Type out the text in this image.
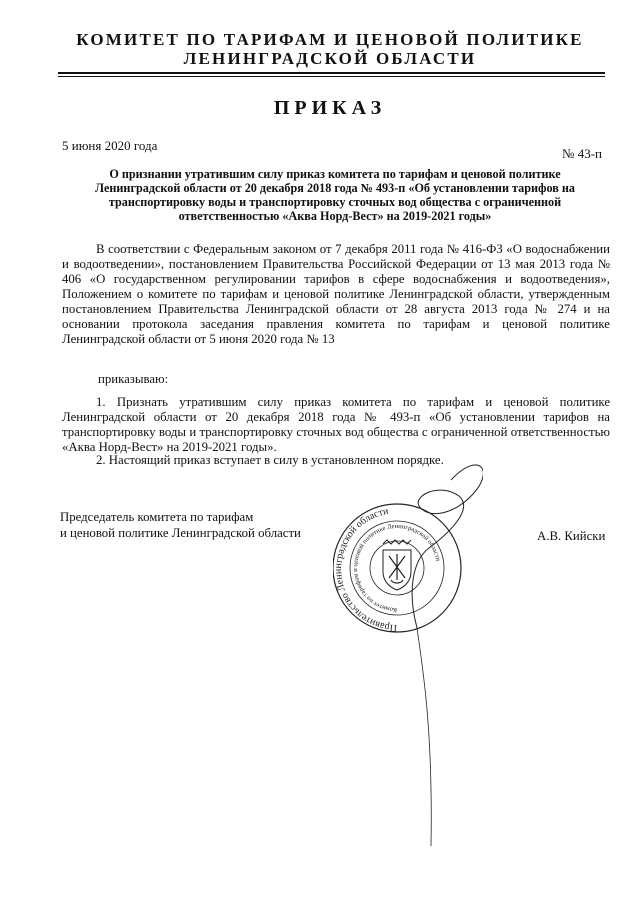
КОМИТЕТ ПО ТАРИФАМ И ЦЕНОВОЙ ПОЛИТИКЕ
ЛЕНИНГРАДСКОЙ ОБЛАСТИ
ПРИКАЗ
5 июня 2020 года
№ 43-п
О признании утратившим силу приказ комитета по тарифам и ценовой политике Ленинградской области от 20 декабря 2018 года № 493-п «Об установлении тарифов на транспортировку воды и транспортировку сточных вод общества с ограниченной ответственностью «Аква Норд-Вест» на 2019-2021 годы»
В соответствии с Федеральным законом от 7 декабря 2011 года № 416-ФЗ «О водоснабжении и водоотведении», постановлением Правительства Российской Федерации от 13 мая 2013 года № 406 «О государственном регулировании тарифов в сфере водоснабжения и водоотведения», Положением о комитете по тарифам и ценовой политике Ленинградской области, утвержденным постановлением Правительства Ленинградской области от 28 августа 2013 года № 274 и на основании протокола заседания правления комитета по тарифам и ценовой политике Ленинградской области от 5 июня 2020 года № 13
приказываю:
1. Признать утратившим силу приказ комитета по тарифам и ценовой политике Ленинградской области от 20 декабря 2018 года № 493-п «Об установлении тарифов на транспортировку воды и транспортировку сточных вод общества с ограниченной ответственностью «Аква Норд-Вест» на 2019-2021 годы».
2. Настоящий приказ вступает в силу в установленном порядке.
Председатель комитета по тарифам
и ценовой политике Ленинградской области	А.В. Кийски
Правительство Ленинградской области
Комитет по тарифам и ценовой политике Ленинградской области
